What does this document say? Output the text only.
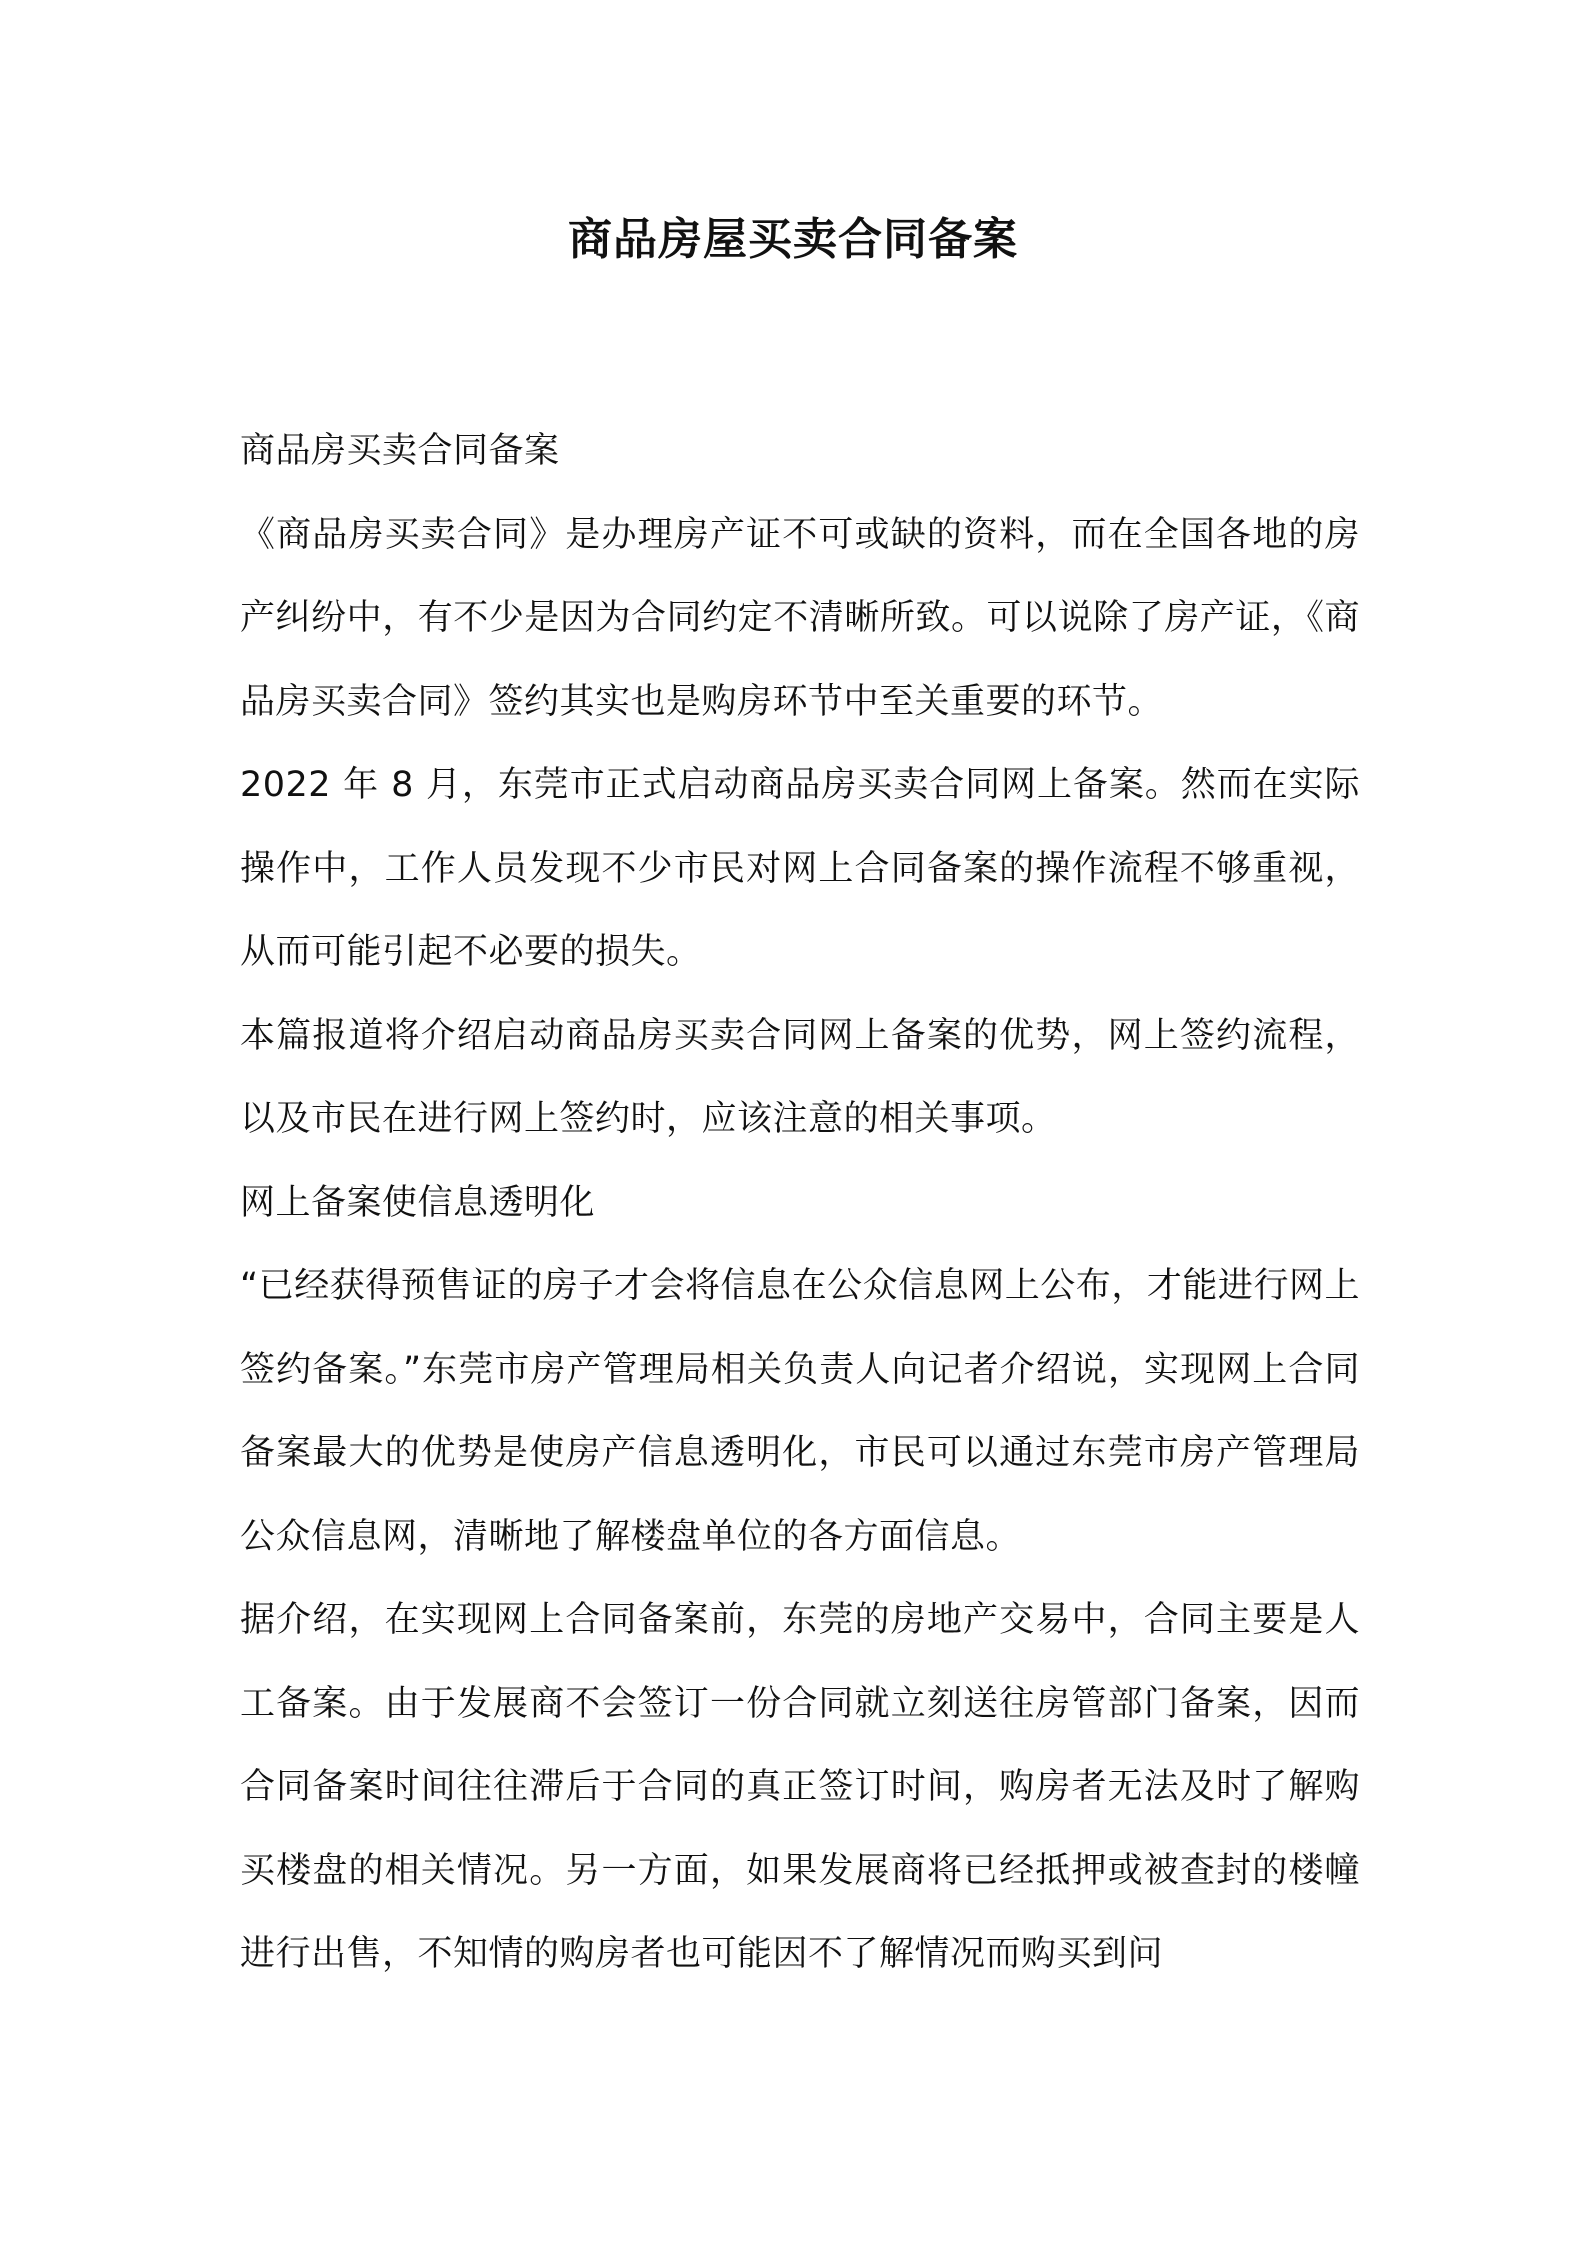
商品房屋买卖合同备案

商品房买卖合同备案

《商品房买卖合同》是办理房产证不可或缺的资料，而在全国各地的房产纠纷中，有不少是因为合同约定不清晰所致。可以说除了房产证，《商品房买卖合同》签约其实也是购房环节中至关重要的环节。

2022 年 8 月，东莞市正式启动商品房买卖合同网上备案。然而在实际操作中，工作人员发现不少市民对网上合同备案的操作流程不够重视，从而可能引起不必要的损失。

本篇报道将介绍启动商品房买卖合同网上备案的优势，网上签约流程，以及市民在进行网上签约时，应该注意的相关事项。

网上备案使信息透明化

“已经获得预售证的房子才会将信息在公众信息网上公布，才能进行网上签约备案。”东莞市房产管理局相关负责人向记者介绍说，实现网上合同备案最大的优势是使房产信息透明化，市民可以通过东莞市房产管理局公众信息网，清晰地了解楼盘单位的各方面信息。

据介绍，在实现网上合同备案前，东莞的房地产交易中，合同主要是人工备案。由于发展商不会签订一份合同就立刻送往房管部门备案，因而合同备案时间往往滞后于合同的真正签订时间，购房者无法及时了解购买楼盘的相关情况。另一方面，如果发展商将已经抵押或被查封的楼幢进行出售，不知情的购房者也可能因不了解情况而购买到问
